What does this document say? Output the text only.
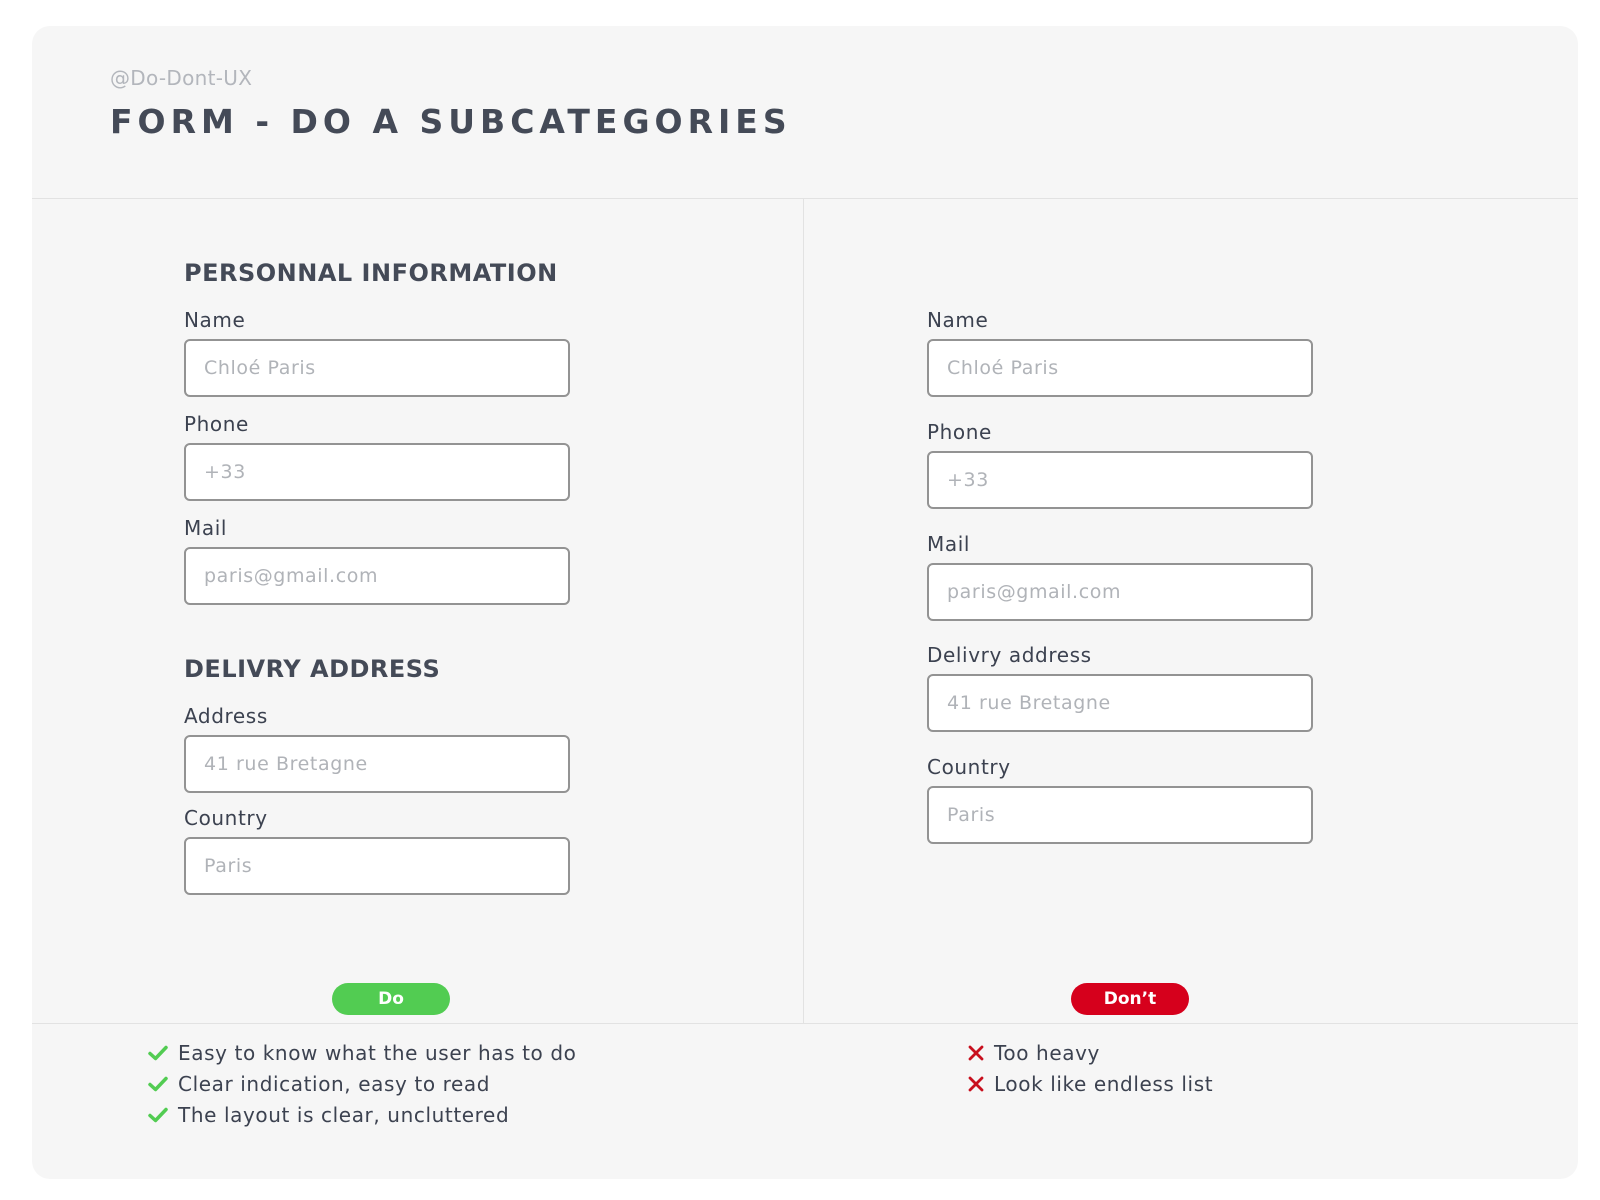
@Do-Dont-UX
FORM - DO A SUBCATEGORIES
PERSONNAL INFORMATION
Name
Chloé Paris
Phone
+33
Mail
paris@gmail.com
DELIVRY ADDRESS
Address
41 rue Bretagne
Country
Paris
Name
Chloé Paris
Phone
+33
Mail
paris@gmail.com
Delivry address
41 rue Bretagne
Country
Paris
Do	Don’t
Easy to know what the user has to do
Clear indication, easy to read
The layout is clear, uncluttered
Too heavy
Look like endless list
